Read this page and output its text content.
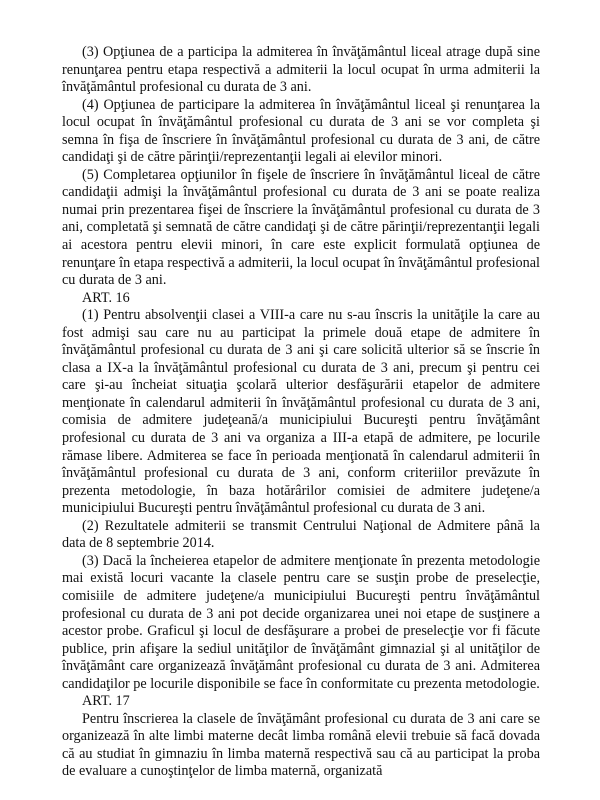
(3) Opţiunea de a participa la admiterea în învăţământul liceal atrage după sine renunţarea pentru etapa respectivă a admiterii la locul ocupat în urma admiterii la învăţământul profesional cu durata de 3 ani.

(4) Opţiunea de participare la admiterea în învăţământul liceal şi renunţarea la locul ocupat în învăţământul profesional cu durata de 3 ani se vor completa şi semna în fişa de înscriere în învăţământul profesional cu durata de 3 ani, de către candidaţi şi de către părinţii/reprezentanţii legali ai elevilor minori.

(5) Completarea opţiunilor în fişele de înscriere în învăţământul liceal de către candidaţii admişi la învăţământul profesional cu durata de 3 ani se poate realiza numai prin prezentarea fişei de înscriere la învăţământul profesional cu durata de 3 ani, completată şi semnată de către candidaţi şi de către părinţii/reprezentanţii legali ai acestora pentru elevii minori, în care este explicit formulată opţiunea de renunţare în etapa respectivă a admiterii, la locul ocupat în învăţământul profesional cu durata de 3 ani.

ART. 16

(1) Pentru absolvenţii clasei a VIII-a care nu s-au înscris la unităţile la care au fost admişi sau care nu au participat la primele două etape de admitere în învăţământul profesional cu durata de 3 ani şi care solicită ulterior să se înscrie în clasa a IX-a la învăţământul profesional cu durata de 3 ani, precum şi pentru cei care şi-au încheiat situaţia şcolară ulterior desfăşurării etapelor de admitere menţionate în calendarul admiterii în învăţământul profesional cu durata de 3 ani, comisia de admitere judeţeană/a municipiului Bucureşti pentru învăţământ profesional cu durata de 3 ani va organiza a III-a etapă de admitere, pe locurile rămase libere. Admiterea se face în perioada menţionată în calendarul admiterii în învăţământul profesional cu durata de 3 ani, conform criteriilor prevăzute în prezenta metodologie, în baza hotărârilor comisiei de admitere judeţene/a municipiului Bucureşti pentru învăţământul profesional cu durata de 3 ani.

(2) Rezultatele admiterii se transmit Centrului Naţional de Admitere până la data de 8 septembrie 2014.

(3) Dacă la încheierea etapelor de admitere menţionate în prezenta metodologie mai există locuri vacante la clasele pentru care se susţin probe de preselecţie, comisiile de admitere judeţene/a municipiului Bucureşti pentru învăţământul profesional cu durata de 3 ani pot decide organizarea unei noi etape de susţinere a acestor probe. Graficul şi locul de desfăşurare a probei de preselecţie vor fi făcute publice, prin afişare la sediul unităţilor de învăţământ gimnazial şi al unităţilor de învăţământ care organizează învăţământ profesional cu durata de 3 ani. Admiterea candidaţilor pe locurile disponibile se face în conformitate cu prezenta metodologie.

ART. 17

Pentru înscrierea la clasele de învăţământ profesional cu durata de 3 ani care se organizează în alte limbi materne decât limba română elevii trebuie să facă dovada că au studiat în gimnaziu în limba maternă respectivă sau că au participat la proba de evaluare a cunoştinţelor de limba maternă, organizată
